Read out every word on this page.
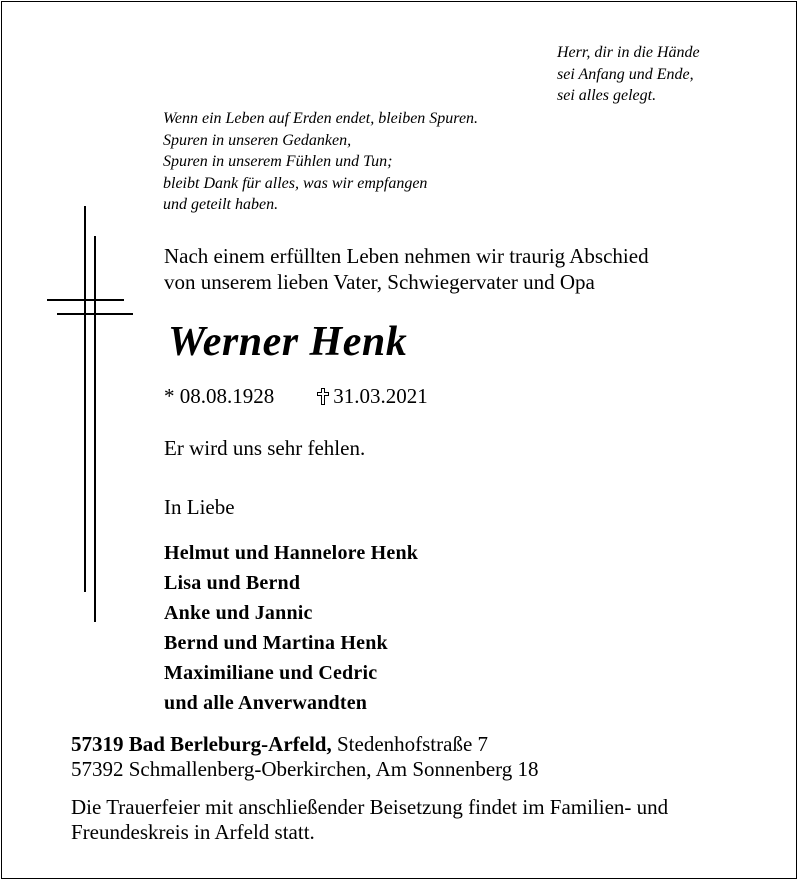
Herr, dir in die Hände
sei Anfang und Ende,
sei alles gelegt.
Wenn ein Leben auf Erden endet, bleiben Spuren.
Spuren in unseren Gedanken,
Spuren in unserem Fühlen und Tun;
bleibt Dank für alles, was wir empfangen
und geteilt haben.
Nach einem erfüllten Leben nehmen wir traurig Abschied
von unserem lieben Vater, Schwiegervater und Opa
Werner Henk
* 08.08.1928	31.03.2021
Er wird uns sehr fehlen.
In Liebe
Helmut und Hannelore Henk
Lisa und Bernd
Anke und Jannic
Bernd und Martina Henk
Maximiliane und Cedric
und alle Anverwandten
57319 Bad Berleburg-Arfeld, Stedenhofstraße 7
57392 Schmallenberg-Oberkirchen, Am Sonnenberg 18
Die Trauerfeier mit anschließender Beisetzung findet im Familien- und
Freundeskreis in Arfeld statt.
